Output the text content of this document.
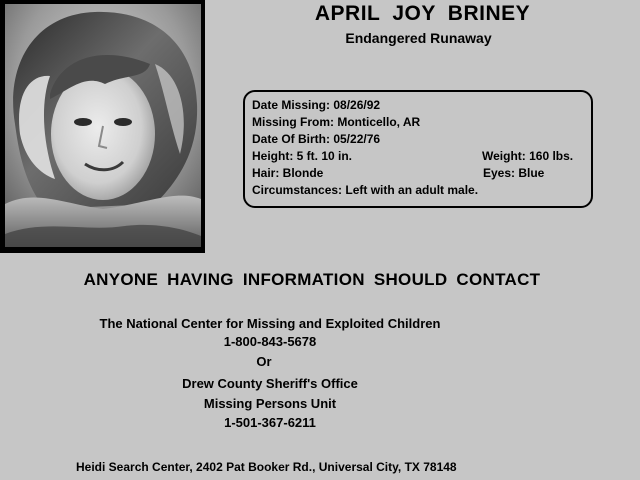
APRIL JOY BRINEY
Endangered Runaway
Date Missing: 08/26/92
Missing From: Monticello, AR
Date Of Birth: 05/22/76
Height: 5 ft. 10 in.	Weight: 160 lbs.
Hair: Blonde	Eyes: Blue
Circumstances: Left with an adult male.
ANYONE HAVING INFORMATION SHOULD CONTACT
The National Center for Missing and Exploited Children
1-800-843-5678
Or
Drew County Sheriff's Office
Missing Persons Unit
1-501-367-6211
Heidi Search Center, 2402 Pat Booker Rd., Universal City, TX 78148
